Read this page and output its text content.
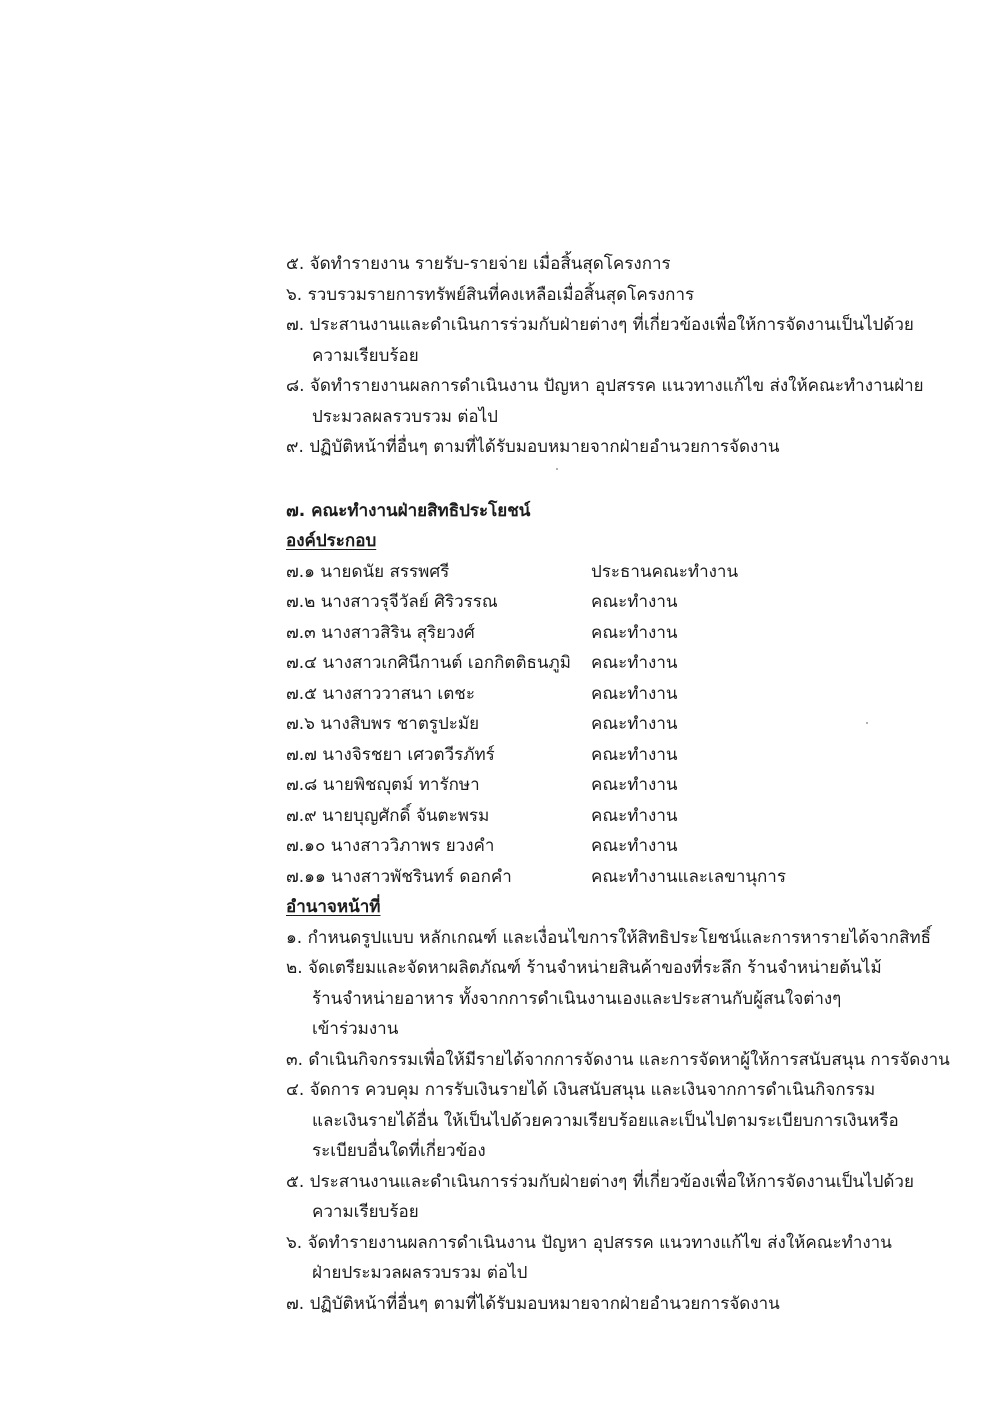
๕. จัดทำรายงาน รายรับ-รายจ่าย เมื่อสิ้นสุดโครงการ
๖. รวบรวมรายการทรัพย์สินที่คงเหลือเมื่อสิ้นสุดโครงการ
๗. ประสานงานและดำเนินการร่วมกับฝ่ายต่างๆ ที่เกี่ยวข้องเพื่อให้การจัดงานเป็นไปด้วย
ความเรียบร้อย
๘. จัดทำรายงานผลการดำเนินงาน ปัญหา อุปสรรค แนวทางแก้ไข ส่งให้คณะทำงานฝ่าย
ประมวลผลรวบรวม ต่อไป
๙. ปฏิบัติหน้าที่อื่นๆ ตามที่ได้รับมอบหมายจากฝ่ายอำนวยการจัดงาน
๗. คณะทำงานฝ่ายสิทธิประโยชน์
องค์ประกอบ
๗.๑ นายดนัย สรรพศรี	ประธานคณะทำงาน
๗.๒ นางสาวรุจีวัลย์ ศิริวรรณ	คณะทำงาน
๗.๓ นางสาวสิริน สุริยวงศ์	คณะทำงาน
๗.๔ นางสาวเกศินีกานต์ เอกกิตติธนภูมิ	คณะทำงาน
๗.๕ นางสาววาสนา เตชะ	คณะทำงาน
๗.๖ นางสิบพร ชาตรูปะมัย	คณะทำงาน
๗.๗ นางจิรชยา เศวตวีรภัทร์	คณะทำงาน
๗.๘ นายพิชญุตม์ ทารักษา	คณะทำงาน
๗.๙ นายบุญศักดิ์ จันตะพรม	คณะทำงาน
๗.๑๐ นางสาววิภาพร ยวงคำ	คณะทำงาน
๗.๑๑ นางสาวพัชรินทร์ ดอกคำ	คณะทำงานและเลขานุการ
อำนาจหน้าที่
๑. กำหนดรูปแบบ หลักเกณฑ์ และเงื่อนไขการให้สิทธิประโยชน์และการหารายได้จากสิทธิ์
๒. จัดเตรียมและจัดหาผลิตภัณฑ์ ร้านจำหน่ายสินค้าของที่ระลึก ร้านจำหน่ายต้นไม้
ร้านจำหน่ายอาหาร ทั้งจากการดำเนินงานเองและประสานกับผู้สนใจต่างๆ
เข้าร่วมงาน
๓. ดำเนินกิจกรรมเพื่อให้มีรายได้จากการจัดงาน และการจัดหาผู้ให้การสนับสนุน การจัดงาน
๔. จัดการ ควบคุม การรับเงินรายได้ เงินสนับสนุน และเงินจากการดำเนินกิจกรรม
และเงินรายได้อื่น ให้เป็นไปด้วยความเรียบร้อยและเป็นไปตามระเบียบการเงินหรือ
ระเบียบอื่นใดที่เกี่ยวข้อง
๕. ประสานงานและดำเนินการร่วมกับฝ่ายต่างๆ ที่เกี่ยวข้องเพื่อให้การจัดงานเป็นไปด้วย
ความเรียบร้อย
๖. จัดทำรายงานผลการดำเนินงาน ปัญหา อุปสรรค แนวทางแก้ไข ส่งให้คณะทำงาน
ฝ่ายประมวลผลรวบรวม ต่อไป
๗. ปฏิบัติหน้าที่อื่นๆ ตามที่ได้รับมอบหมายจากฝ่ายอำนวยการจัดงาน
